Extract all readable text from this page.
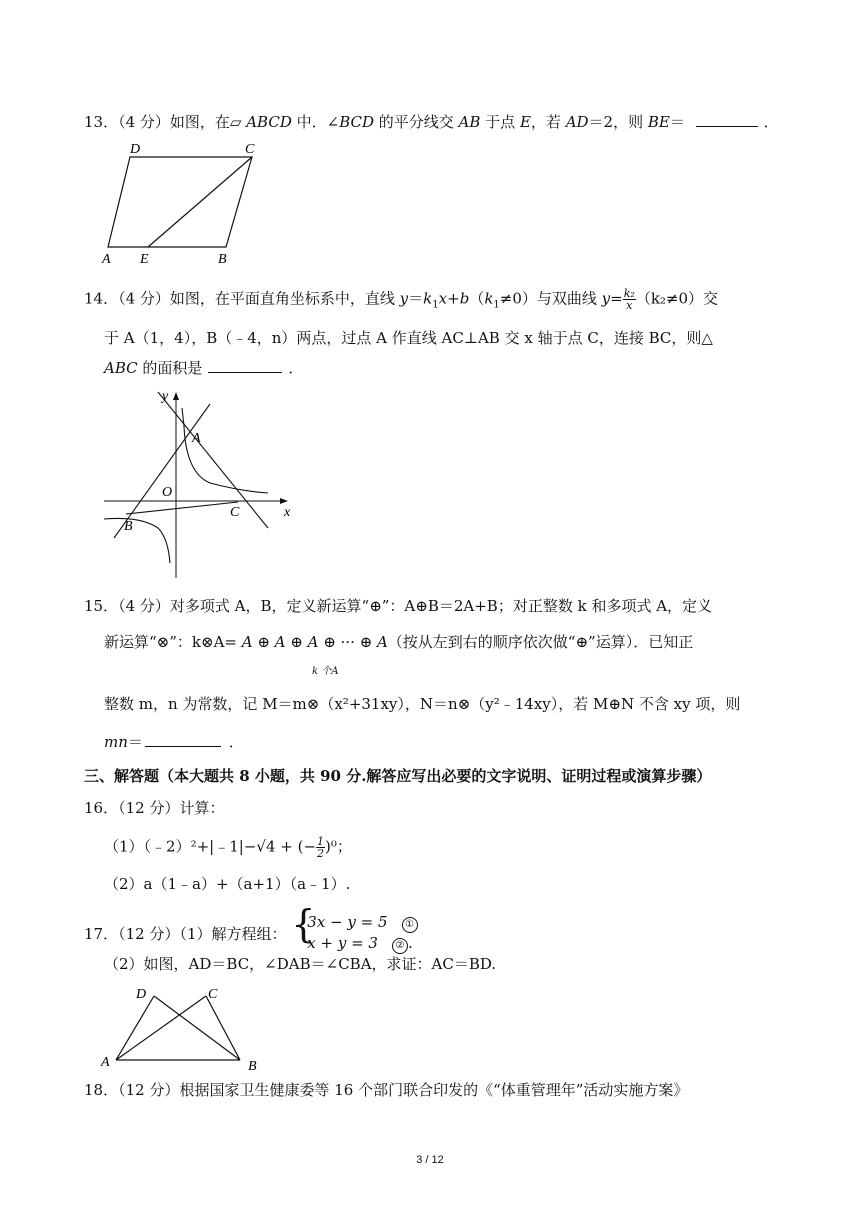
13．（4 分）如图，在▱ ABCD 中．∠BCD 的平分线交 AB 于点 E，若 AD＝2，则 BE＝	．
D	C
A E	B
14．（4 分）如图，在平面直角坐标系中，直线 $y=k_1x+b(k_1\ne 0)$与双曲线 $y= \frac{\text{k₂}}{x} (k_2\ne 0)$交
于 A（1，4），B（﹣4，n）两点，过点 A 作直线 AC⊥AB 交 x 轴于点 C，连接 BC，则△
ABC 的面积是	．
y
A
O
C	x
B
15．（4 分）对多项式 A，B，定义新运算“⊕”：A⊕B＝2A+B；对正整数 k 和多项式 A，定义
新运算“⊗”：k⊗A= A ⊕ A ⊕ A ⊕ ··· ⊕ A（按从左到右的顺序依次做“⊕”运算）．已知正
k 个A
整数 m，n 为常数，记 M＝m⊗（x²+31xy），N＝n⊗（y²﹣14xy），若 M⊕N 不含 xy 项，则
mn＝	．
三、解答题（本大题共 8 小题，共 90 分.解答应写出必要的文字说明、证明过程或演算步骤）
16．（12 分）计算：
（1）（﹣2）²+|﹣1|−√4 + (− $\frac{1}{2} )^0$；
（2）a（1﹣a）+（a+1）（a﹣1）.
17．（12 分）（1）解方程组： {
3x − y = 5 ①
x + y = 3 ② .
（2）如图，AD＝BC，∠DAB＝∠CBA，求证：AC＝BD.
D	C
A	B
18．（12 分）根据国家卫生健康委等 16 个部门联合印发的《“体重管理年”活动实施方案》
3 / 12
